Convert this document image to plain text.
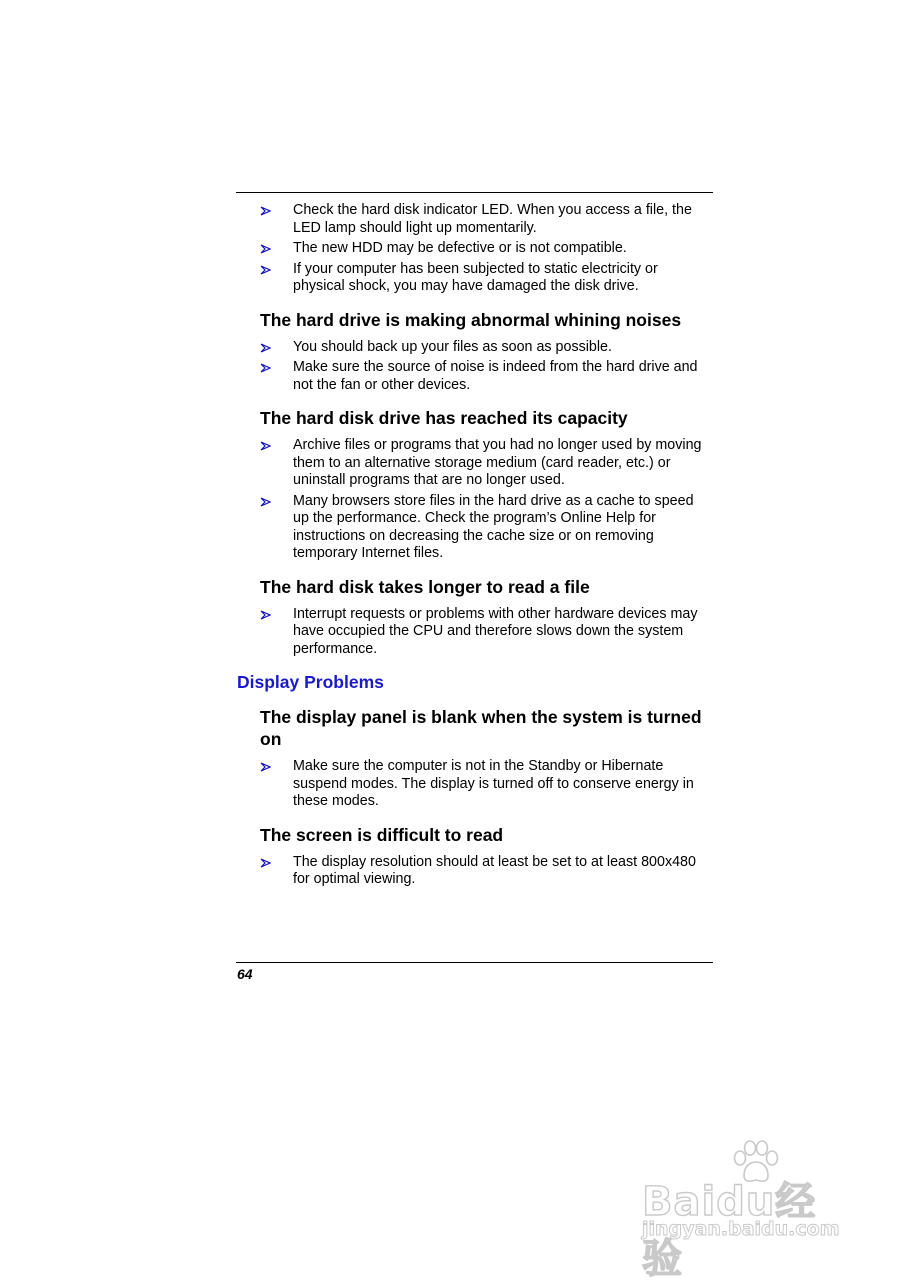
Check the hard disk indicator LED. When you access a file, the LED lamp should light up momentarily.
The new HDD may be defective or is not compatible.
If your computer has been subjected to static electricity or physical shock, you may have damaged the disk drive.
The hard drive is making abnormal whining noises
You should back up your files as soon as possible.
Make sure the source of noise is indeed from the hard drive and not the fan or other devices.
The hard disk drive has reached its capacity
Archive files or programs that you had no longer used by moving them to an alternative storage medium (card reader, etc.) or uninstall programs that are no longer used.
Many browsers store files in the hard drive as a cache to speed up the performance. Check the program’s Online Help for instructions on decreasing the cache size or on removing temporary Internet files.
The hard disk takes longer to read a file
Interrupt requests or problems with other hardware devices may have occupied the CPU and therefore slows down the system performance.
Display Problems
The display panel is blank when the system is turned on
Make sure the computer is not in the Standby or Hibernate suspend modes. The display is turned off to conserve energy in these modes.
The screen is difficult to read
The display resolution should at least be set to at least 800x480 for optimal viewing.
64
Baidu经验
jingyan.baidu.com
